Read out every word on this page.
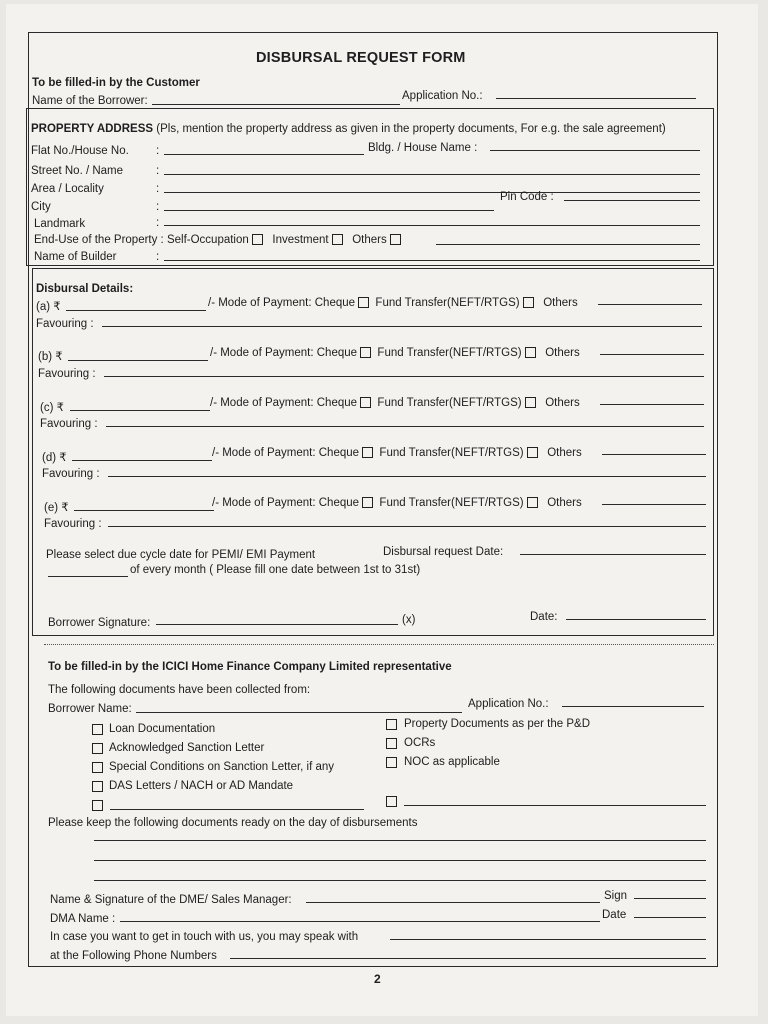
DISBURSAL REQUEST FORM
To be filled-in by the Customer
Name of the Borrower:	Application No.:
PROPERTY ADDRESS (Pls, mention the property address as given in the property documents, For e.g. the sale agreement)
Flat No./House No. :	Bldg. / House Name :
Street No. / Name	:
Area / Locality	:
City	:
Pin Code :
Landmark	:
End-Use of the Property : Self-Occupation Investment Others
Name of Builder	:
Disbursal Details:
(a) ₹	/- Mode of Payment: Cheque Fund Transfer(NEFT/RTGS) Others
Favouring :
(b) ₹	/- Mode of Payment: Cheque Fund Transfer(NEFT/RTGS) Others
Favouring :
(c) ₹	/- Mode of Payment: Cheque Fund Transfer(NEFT/RTGS) Others
Favouring :
(d) ₹	/- Mode of Payment: Cheque Fund Transfer(NEFT/RTGS) Others
Favouring :
(e) ₹	/- Mode of Payment: Cheque Fund Transfer(NEFT/RTGS) Others
Favouring :
Please select due cycle date for PEMI/ EMI Payment	Disbursal request Date:
of every month ( Please fill one date between 1st to 31st)
Borrower Signature:	(x)	Date:
To be filled-in by the ICICI Home Finance Company Limited representative
The following documents have been collected from:
Borrower Name:	Application No.:
Loan Documentation
Acknowledged Sanction Letter
Special Conditions on Sanction Letter, if any
DAS Letters / NACH or AD Mandate
Property Documents as per the P&D
OCRs
NOC as applicable
Please keep the following documents ready on the day of disbursements
Name & Signature of the DME/ Sales Manager:	Sign
DMA Name :	Date
In case you want to get in touch with us, you may speak with
at the Following Phone Numbers
2
